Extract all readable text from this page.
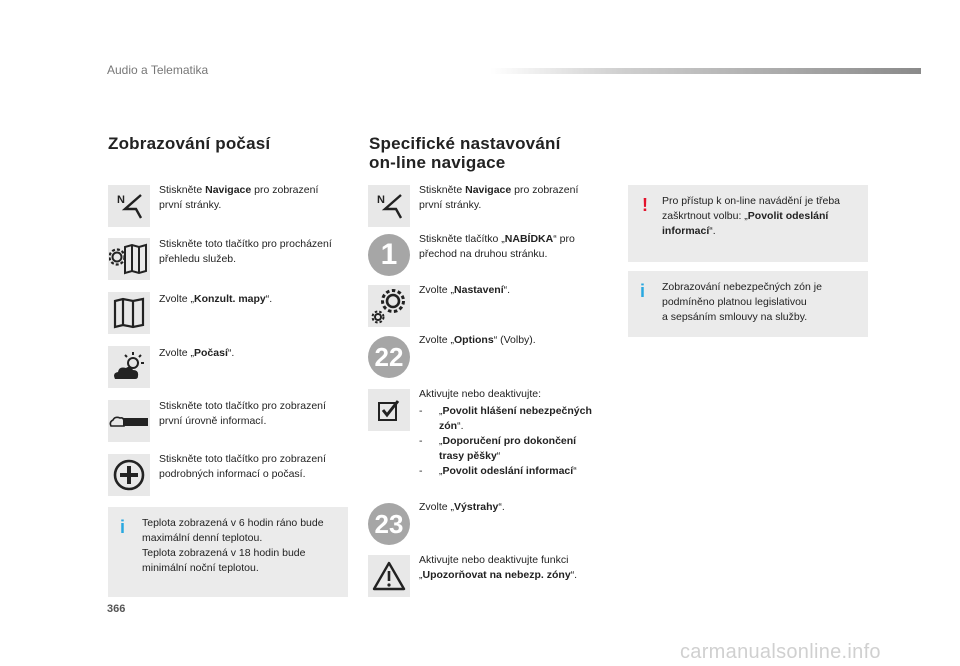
Audio a Telematika
Zobrazování počasí
N
Stiskněte Navigace pro zobrazení
první stránky.
Stiskněte toto tlačítko pro procházení
přehledu služeb.
Zvolte „Konzult. mapy“.
Zvolte „Počasí“.
Stiskněte toto tlačítko pro zobrazení
první úrovně informací.
Stiskněte toto tlačítko pro zobrazení
podrobných informací o počasí.
i Teplota zobrazená v 6 hodin ráno bude
maximální denní teplotou.
Teplota zobrazená v 18 hodin bude
minimální noční teplotou.
Specifické nastavování
on-line navigace
N
Stiskněte Navigace pro zobrazení
první stránky.
1	Stiskněte tlačítko „NABÍDKA“ pro
přechod na druhou stránku.
Zvolte „Nastavení“.
22
Zvolte „Options“ (Volby).
Aktivujte nebo deaktivujte:
-	„Povolit hlášení nebezpečných
zón“.
-	„Doporučení pro dokončení
trasy pěšky“
-	„Povolit odeslání informací“
23
Zvolte „Výstrahy“.
Aktivujte nebo deaktivujte funkci
„Upozorňovat na nebezp. zóny“.
! Pro přístup k on-line navádění je třeba
zaškrtnout volbu: „Povolit odeslání
informací“.
i Zobrazování nebezpečných zón je
podmíněno platnou legislativou
a sepsáním smlouvy na služby.
366
carmanualsonline.info
